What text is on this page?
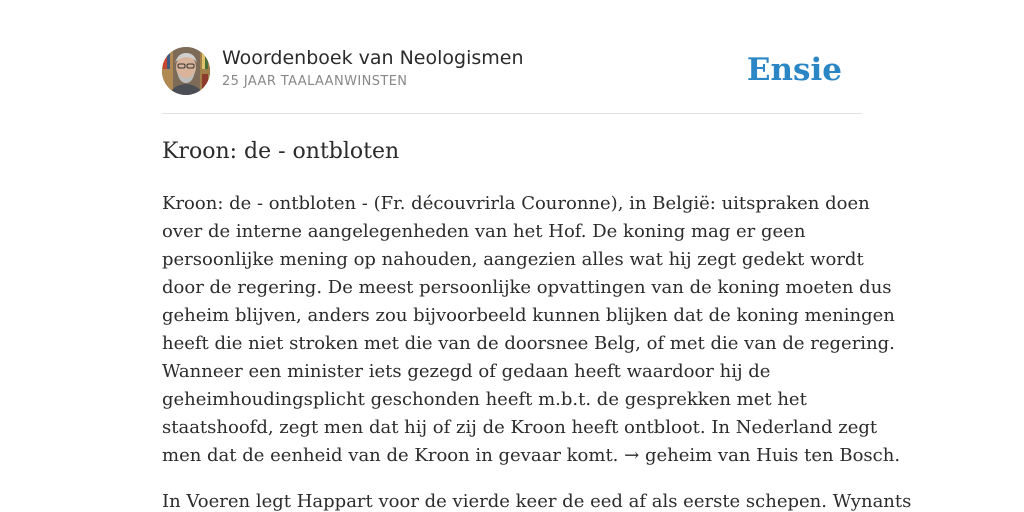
Woordenboek van Neologismen
25 JAAR TAALAANWINSTEN	Ensie
Kroon: de - ontbloten

Kroon: de - ontbloten - (Fr. découvrirla Couronne), in België: uitspraken doen
over de interne aangelegenheden van het Hof. De koning mag er geen
persoonlijke mening op nahouden, aangezien alles wat hij zegt gedekt wordt
door de regering. De meest persoonlijke opvattingen van de koning moeten dus
geheim blijven, anders zou bijvoorbeeld kunnen blijken dat de koning meningen
heeft die niet stroken met die van de doorsnee Belg, of met die van de regering.
Wanneer een minister iets gezegd of gedaan heeft waardoor hij de
geheimhoudingsplicht geschonden heeft m.b.t. de gesprekken met het
staatshoofd, zegt men dat hij of zij de Kroon heeft ontbloot. In Nederland zegt
men dat de eenheid van de Kroon in gevaar komt. → geheim van Huis ten Bosch.

In Voeren legt Happart voor de vierde keer de eed af als eerste schepen. Wynants
